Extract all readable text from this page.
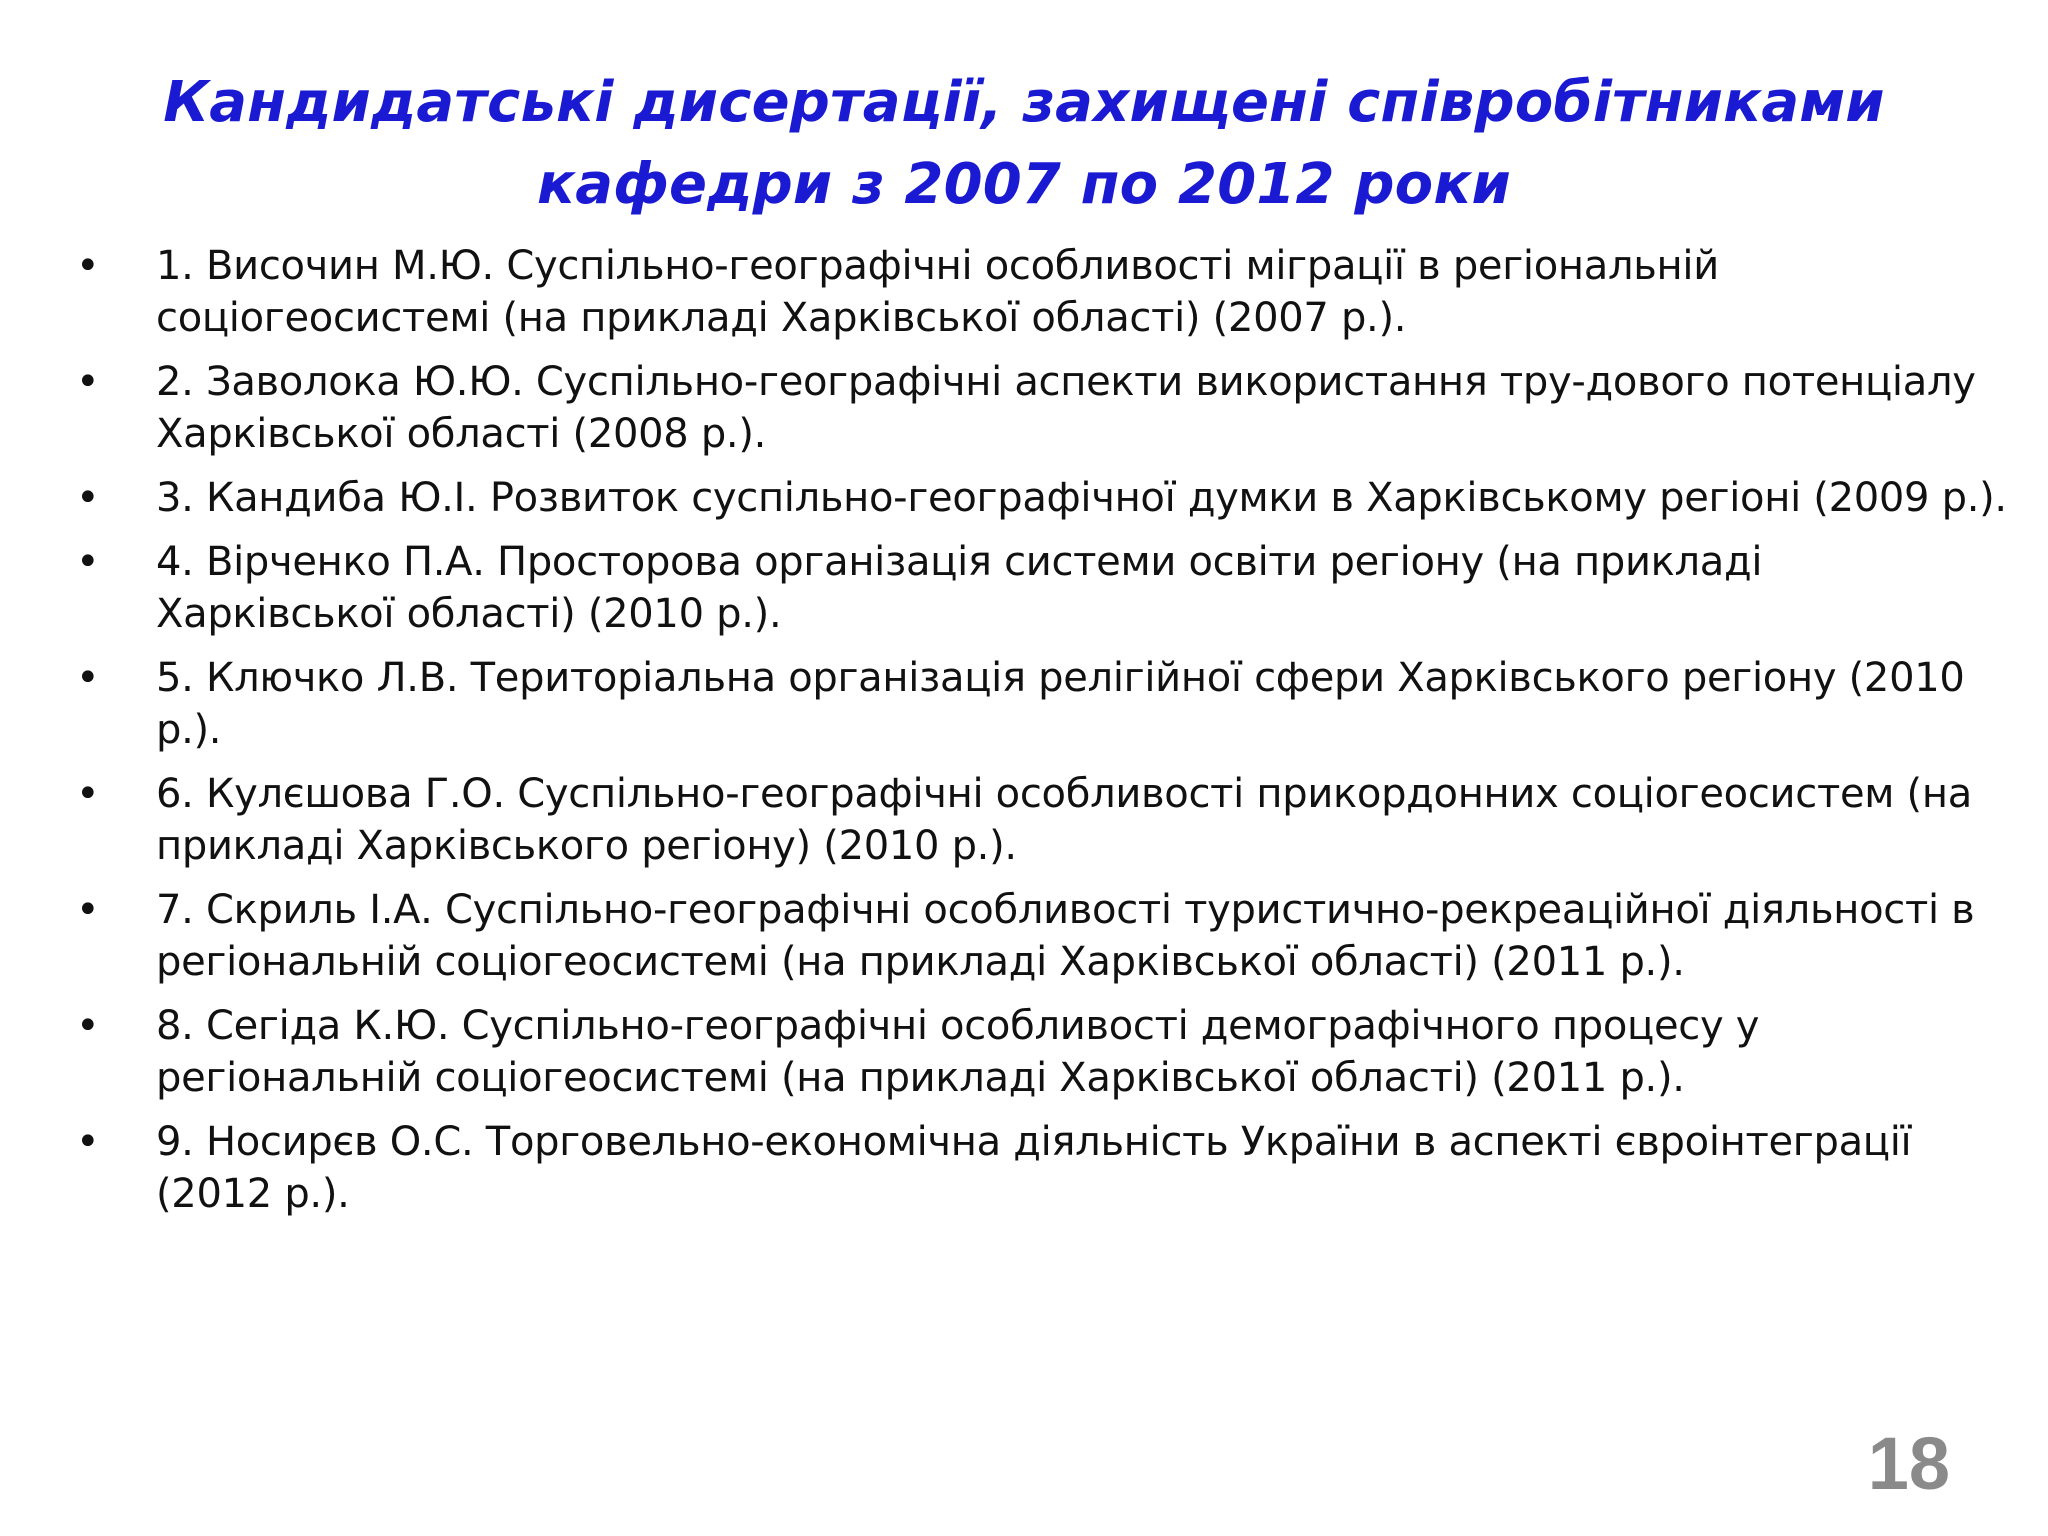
Кандидатські дисертації, захищені співробітниками
кафедри з 2007 по 2012 роки
• 1. Височин М.Ю. Суспільно-географічні особливості міграції в регіональній соціогеосистемі (на прикладі Харківської області) (2007 р.).
• 2. Заволока Ю.Ю. Суспільно-географічні аспекти використання тру-дового потенціалу Харківської області (2008 р.).
• 3. Кандиба Ю.І. Розвиток суспільно-географічної думки в Харківському регіоні (2009 р.).
• 4. Вірченко П.А. Просторова організація системи освіти регіону (на прикладі Харківської області) (2010 р.).
• 5. Ключко Л.В. Територіальна організація релігійної сфери Харківського регіону (2010 р.).
• 6. Кулєшова Г.О. Суспільно-географічні особливості прикордонних соціогеосистем (на прикладі Харківського регіону) (2010 р.).
• 7. Скриль І.А. Суспільно-географічні особливості туристично-рекреаційної діяльності в регіональній соціогеосистемі (на прикладі Харківської області) (2011 р.).
• 8. Сегіда К.Ю. Суспільно-географічні особливості демографічного процесу у регіональній соціогеосистемі (на прикладі Харківської області) (2011 р.).
• 9. Носирєв О.С. Торговельно-економічна діяльність України в аспекті євроінтеграції (2012 р.).
18
